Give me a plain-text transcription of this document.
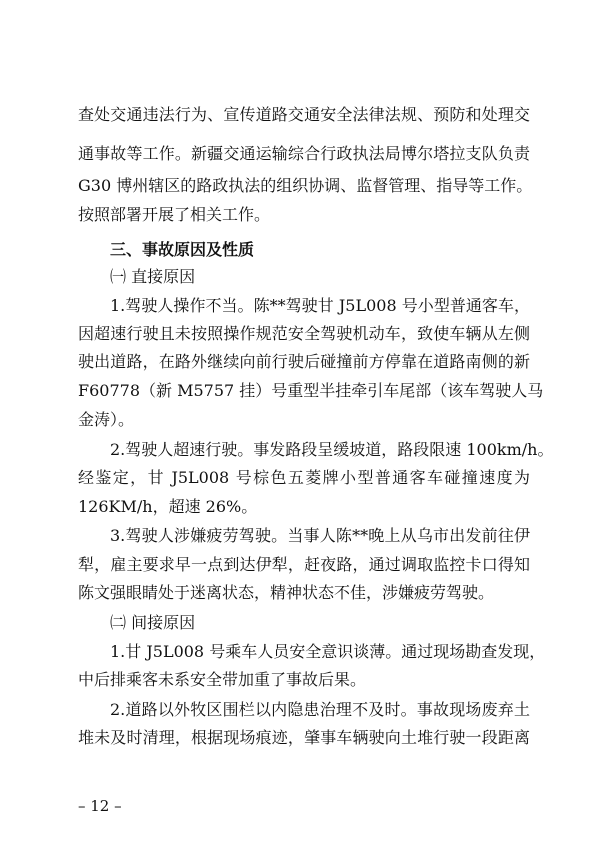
查处交通违法行为、宣传道路交通安全法律法规、预防和处理交
通事故等工作。新疆交通运输综合行政执法局博尔塔拉支队负责
G30 博州辖区的路政执法的组织协调、监督管理、指导等工作。
按照部署开展了相关工作。
三、事故原因及性质
㈠ 直接原因
1.驾驶人操作不当。陈**驾驶甘 J5L008 号小型普通客车，
因超速行驶且未按照操作规范安全驾驶机动车，致使车辆从左侧
驶出道路，在路外继续向前行驶后碰撞前方停靠在道路南侧的新
F60778（新 M5757 挂）号重型半挂牵引车尾部（该车驾驶人马
金涛）。
2.驾驶人超速行驶。事发路段呈缓坡道，路段限速 100km/h。
经鉴定，甘 J5L008 号棕色五菱牌小型普通客车碰撞速度为
126KM/h，超速 26%。
3.驾驶人涉嫌疲劳驾驶。当事人陈**晚上从乌市出发前往伊
犁，雇主要求早一点到达伊犁，赶夜路，通过调取监控卡口得知
陈文强眼睛处于迷离状态，精神状态不佳，涉嫌疲劳驾驶。
㈡ 间接原因
1.甘 J5L008 号乘车人员安全意识谈薄。通过现场勘查发现，
中后排乘客未系安全带加重了事故后果。
2.道路以外牧区围栏以内隐患治理不及时。事故现场废弃土
堆未及时清理，根据现场痕迹，肇事车辆驶向土堆行驶一段距离
– 12 –
